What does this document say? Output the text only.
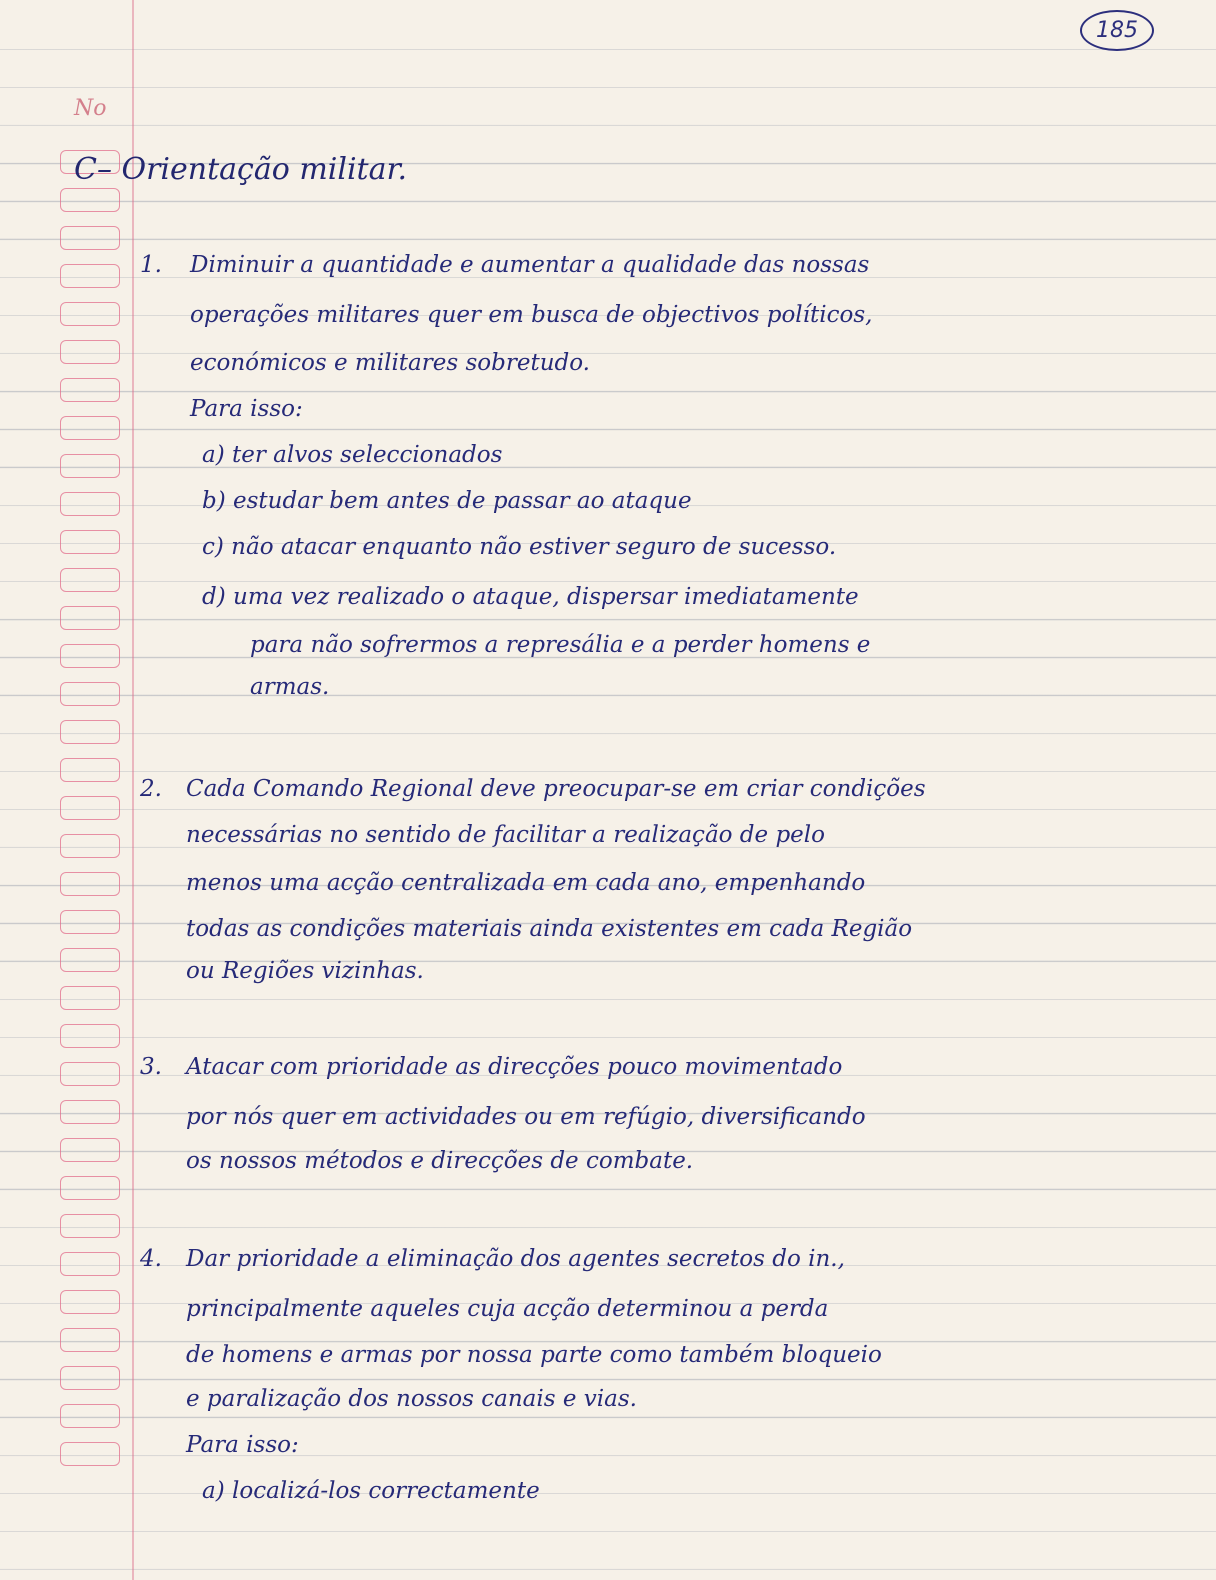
185
No
C– Orientação militar.
1. Diminuir a quantidade e aumentar a qualidade das nossas
operações militares quer em busca de objectivos políticos,
económicos e militares sobretudo.
Para isso:
a) ter alvos seleccionados
b) estudar bem antes de passar ao ataque
c) não atacar enquanto não estiver seguro de sucesso.
d) uma vez realizado o ataque, dispersar imediatamente
para não sofrermos a represália e a perder homens e
armas.
2. Cada Comando Regional deve preocupar-se em criar condições
necessárias no sentido de facilitar a realização de pelo
menos uma acção centralizada em cada ano, empenhando
todas as condições materiais ainda existentes em cada Região
ou Regiões vizinhas.
3. Atacar com prioridade as direcções pouco movimentado
por nós quer em actividades ou em refúgio, diversificando
os nossos métodos e direcções de combate.
4. Dar prioridade a eliminação dos agentes secretos do in.,
principalmente aqueles cuja acção determinou a perda
de homens e armas por nossa parte como também bloqueio
e paralização dos nossos canais e vias.
Para isso:
a) localizá-los correctamente
